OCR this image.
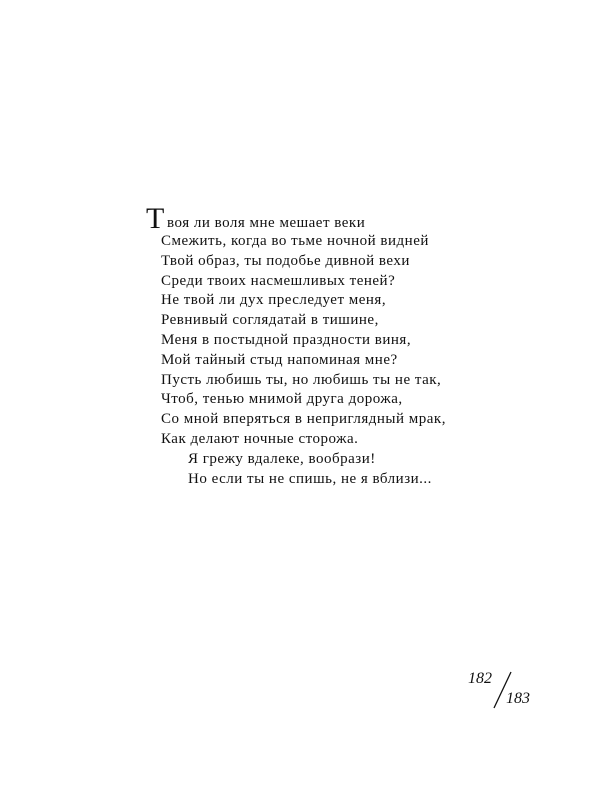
Т воя ли воля мне мешает веки
Смежить, когда во тьме ночной видней
Твой образ, ты подобье дивной вехи
Среди твоих насмешливых теней?
Не твой ли дух преследует меня,
Ревнивый соглядатай в тишине,
Меня в постыдной праздности виня,
Мой тайный стыд напоминая мне?
Пусть любишь ты, но любишь ты не так,
Чтоб, тенью мнимой друга дорожа,
Со мной вперяться в неприглядный мрак,
Как делают ночные сторожа.
Я грежу вдалеке, вообрази!
Но если ты не спишь, не я вблизи...
182
183
